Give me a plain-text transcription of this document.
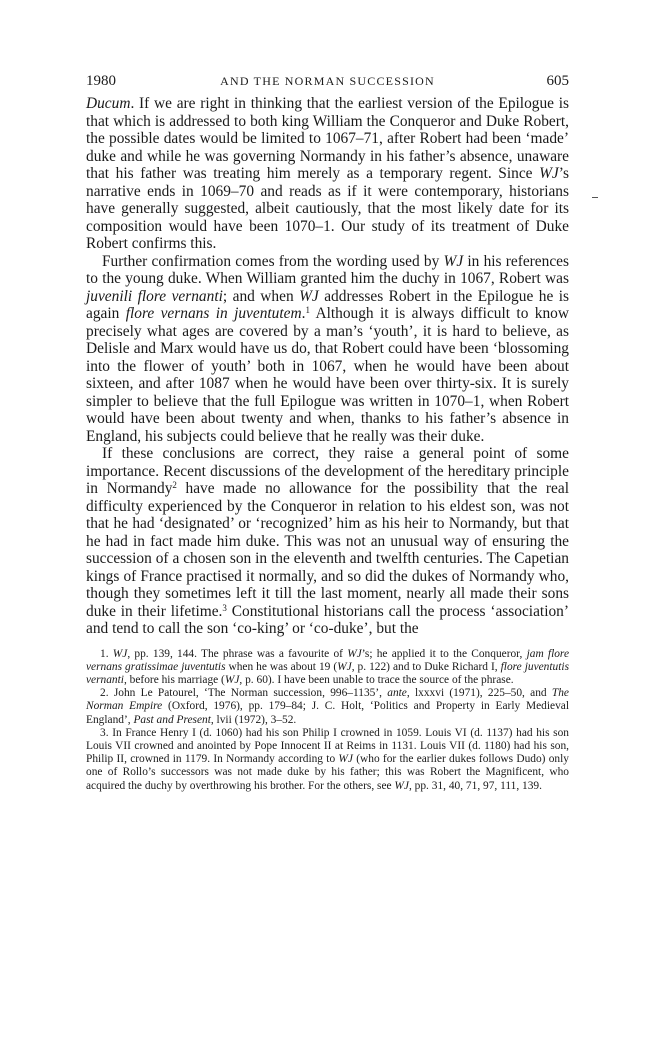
1980	AND THE NORMAN SUCCESSION	605

Ducum. If we are right in thinking that the earliest version of the Epilogue is that which is addressed to both king William the Conqueror and Duke Robert, the possible dates would be limited to 1067–71, after Robert had been ‘made’ duke and while he was governing Normandy in his father’s absence, unaware that his father was treating him merely as a temporary regent. Since WJ’s narrative ends in 1069–70 and reads as if it were contemporary, historians have generally suggested, albeit cautiously, that the most likely date for its composition would have been 1070–1. Our study of its treatment of Duke Robert confirms this.

Further confirmation comes from the wording used by WJ in his references to the young duke. When William granted him the duchy in 1067, Robert was juvenili flore vernanti; and when WJ addresses Robert in the Epilogue he is again flore vernans in juventutem.$^1$ Although it is always difficult to know precisely what ages are covered by a man’s ‘youth’, it is hard to believe, as Delisle and Marx would have us do, that Robert could have been ‘blossoming into the flower of youth’ both in 1067, when he would have been about sixteen, and after 1087 when he would have been over thirty-six. It is surely simpler to believe that the full Epilogue was written in 1070–1, when Robert would have been about twenty and when, thanks to his father’s absence in England, his subjects could believe that he really was their duke.

If these conclusions are correct, they raise a general point of some importance. Recent discussions of the development of the hereditary principle in Normandy$^2$ have made no allowance for the possibility that the real difficulty experienced by the Conqueror in relation to his eldest son, was not that he had ‘designated’ or ‘recognized’ him as his heir to Normandy, but that he had in fact made him duke. This was not an unusual way of ensuring the succession of a chosen son in the eleventh and twelfth centuries. The Capetian kings of France practised it normally, and so did the dukes of Normandy who, though they sometimes left it till the last moment, nearly all made their sons duke in their lifetime.$^3$ Constitutional historians call the process ‘association’ and tend to call the son ‘co-king’ or ‘co-duke’, but the

1. WJ, pp. 139, 144. The phrase was a favourite of WJ’s; he applied it to the Conqueror, jam flore vernans gratissimae juventutis when he was about 19 (WJ, p. 122) and to Duke Richard I, flore juventutis vernanti, before his marriage (WJ, p. 60). I have been unable to trace the source of the phrase.

2. John Le Patourel, ‘The Norman succession, 996–1135’, ante, lxxxvi (1971), 225–50, and The Norman Empire (Oxford, 1976), pp. 179–84; J. C. Holt, ‘Politics and Property in Early Medieval England’, Past and Present, lvii (1972), 3–52.

3. In France Henry I (d. 1060) had his son Philip I crowned in 1059. Louis VI (d. 1137) had his son Louis VII crowned and anointed by Pope Innocent II at Reims in 1131. Louis VII (d. 1180) had his son, Philip II, crowned in 1179. In Normandy according to WJ (who for the earlier dukes follows Dudo) only one of Rollo’s successors was not made duke by his father; this was Robert the Magnificent, who acquired the duchy by overthrowing his brother. For the others, see WJ, pp. 31, 40, 71, 97, 111, 139.
